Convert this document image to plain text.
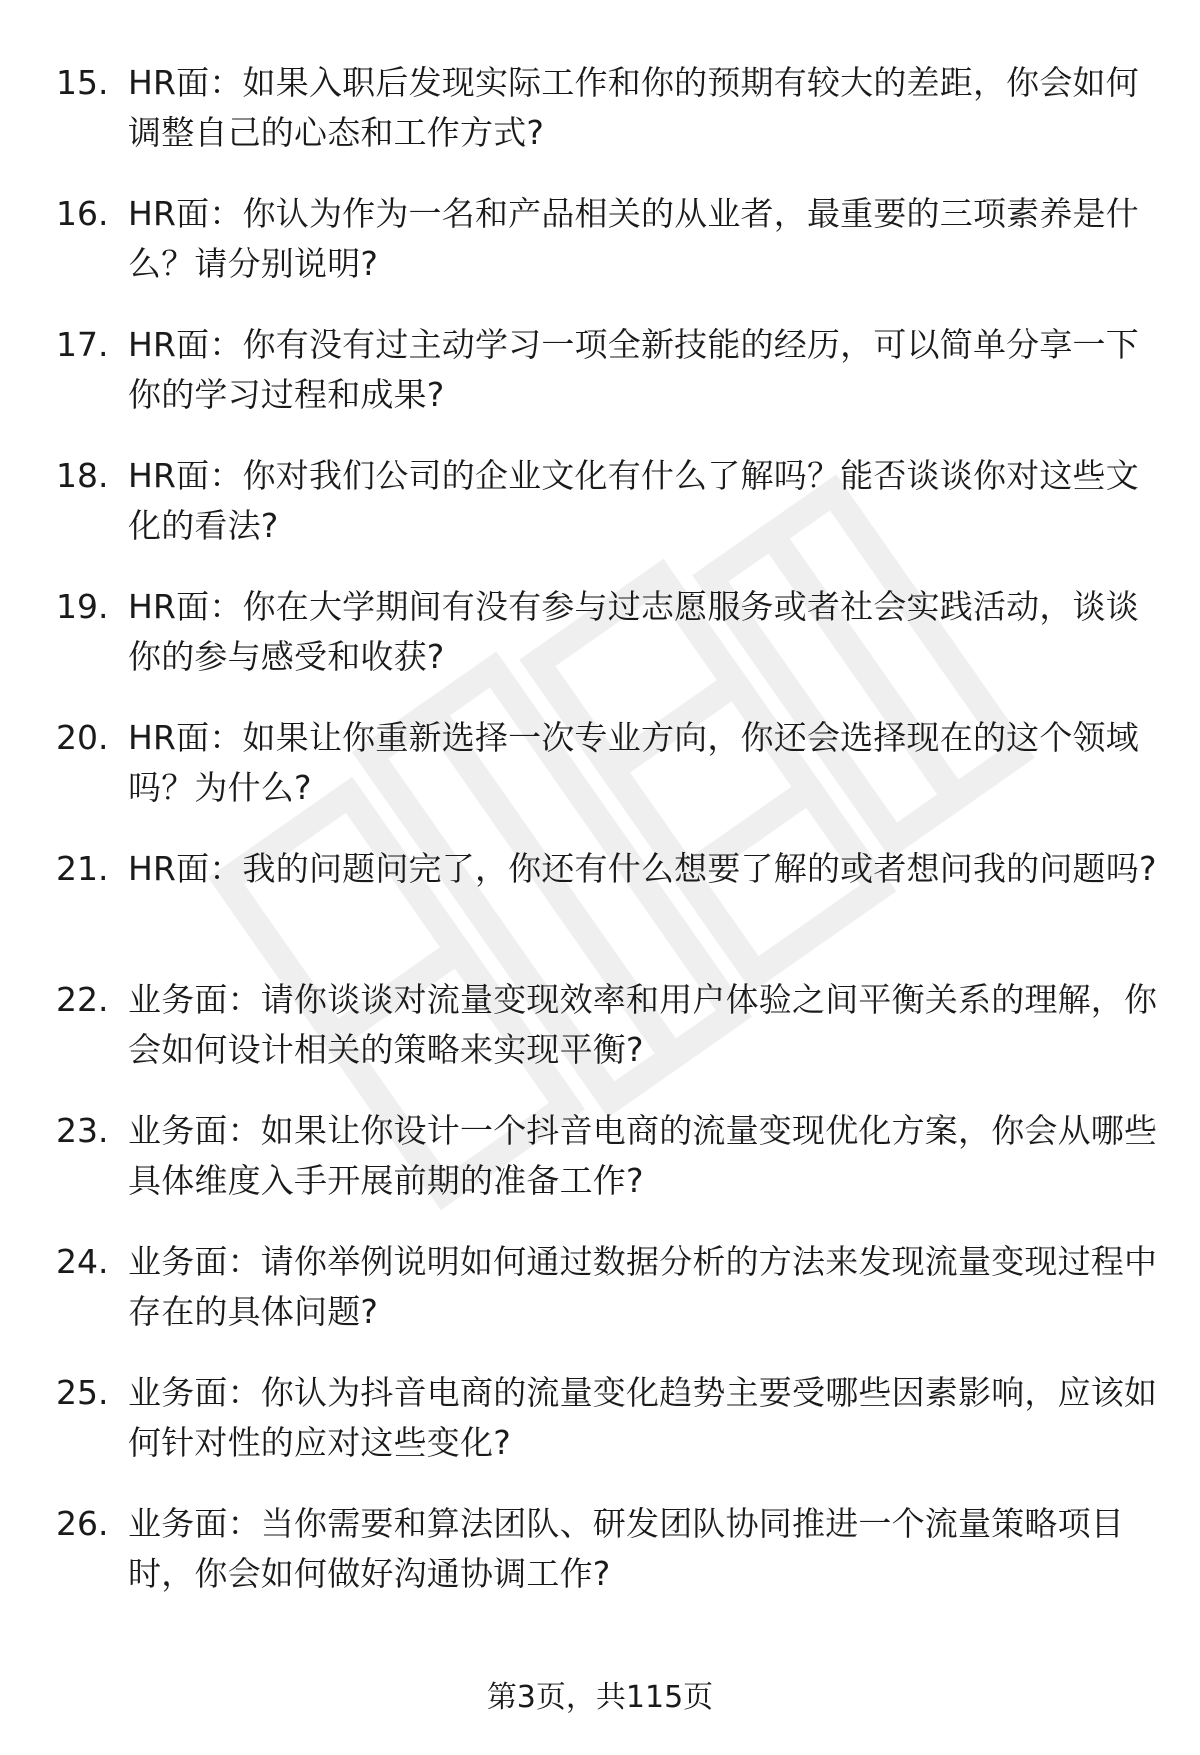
15. HR面：如果入职后发现实际工作和你的预期有较大的差距，你会如何调整自己的心态和工作方式?
16. HR面：你认为作为一名和产品相关的从业者，最重要的三项素养是什么？请分别说明?
17. HR面：你有没有过主动学习一项全新技能的经历，可以简单分享一下你的学习过程和成果?
18. HR面：你对我们公司的企业文化有什么了解吗？能否谈谈你对这些文化的看法?
19. HR面：你在大学期间有没有参与过志愿服务或者社会实践活动，谈谈你的参与感受和收获?
20. HR面：如果让你重新选择一次专业方向，你还会选择现在的这个领域吗？为什么?
21. HR面：我的问题问完了，你还有什么想要了解的或者想问我的问题吗?
22. 业务面：请你谈谈对流量变现效率和用户体验之间平衡关系的理解，你会如何设计相关的策略来实现平衡?
23. 业务面：如果让你设计一个抖音电商的流量变现优化方案，你会从哪些具体维度入手开展前期的准备工作?
24. 业务面：请你举例说明如何通过数据分析的方法来发现流量变现过程中存在的具体问题?
25. 业务面：你认为抖音电商的流量变化趋势主要受哪些因素影响，应该如何针对性的应对这些变化?
26. 业务面：当你需要和算法团队、研发团队协同推进一个流量策略项目时，你会如何做好沟通协调工作?
第3页，共115页
